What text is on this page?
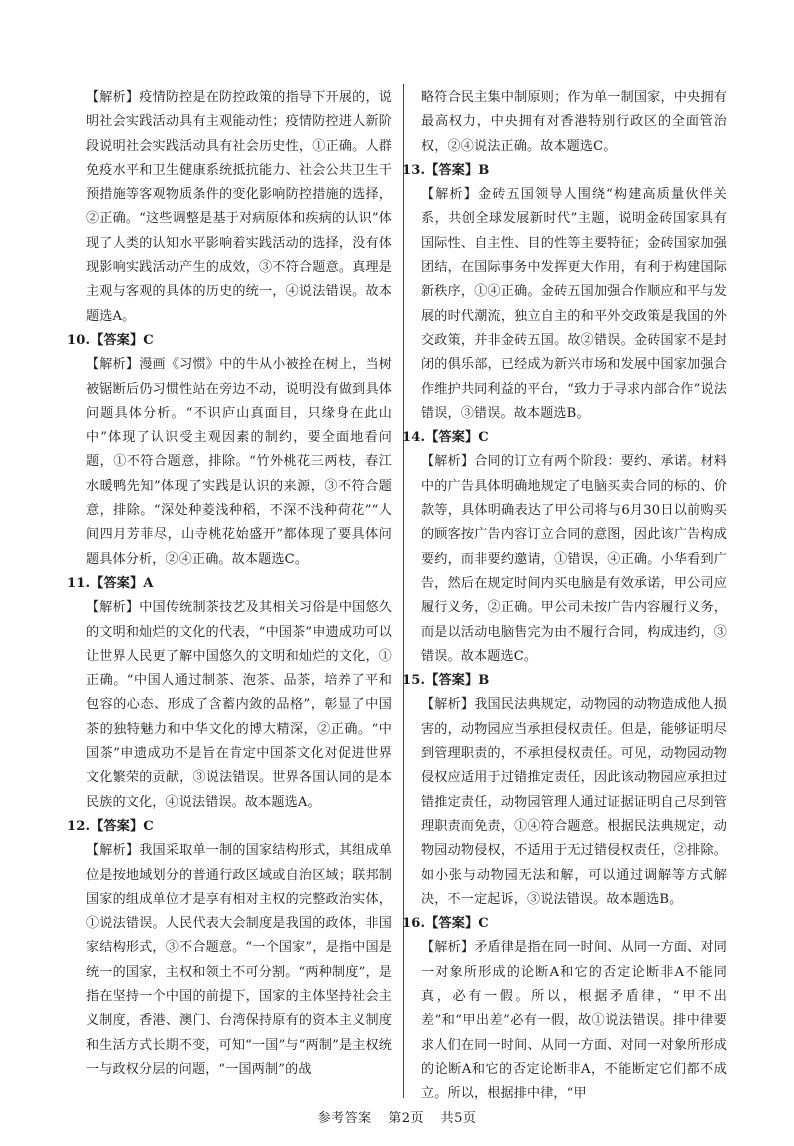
【解析】疫情防控是在防控政策的指导下开展的，说明社会实践活动具有主观能动性；疫情防控进人新阶段说明社会实践活动具有社会历史性，①正确。人群免疫水平和卫生健康系统抵抗能力、社会公共卫生干预措施等客观物质条件的变化影响防控措施的选择，②正确。“这些调整是基于对病原体和疾病的认识”体现了人类的认知水平影响着实践活动的选择，没有体现影响实践活动产生的成效，③不符合题意。真理是主观与客观的具体的历史的统一，④说法错误。故本题选A。
10.【答案】C
【解析】漫画《习惯》中的牛从小被拴在树上，当树被锯断后仍习惯性站在旁边不动，说明没有做到具体问题具体分析。“不识庐山真面目，只缘身在此山中”体现了认识受主观因素的制约，要全面地看问题，①不符合题意，排除。“竹外桃花三两枝，春江水暖鸭先知”体现了实践是认识的来源，③不符合题意，排除。“深处种菱浅种稻，不深不浅种荷花”“人间四月芳菲尽，山寺桃花始盛开”都体现了要具体问题具体分析，②④正确。故本题选C。
11.【答案】A
【解析】中国传统制茶技艺及其相关习俗是中国悠久的文明和灿烂的文化的代表，“中国茶”申遗成功可以让世界人民更了解中国悠久的文明和灿烂的文化，①正确。“中国人通过制茶、泡茶、品茶，培养了平和包容的心态、形成了含蓄内敛的品格”，彰显了中国茶的独特魅力和中华文化的博大精深，②正确。“中国茶”申遗成功不是旨在肯定中国茶文化对促进世界文化繁荣的贡献，③说法错误。世界各国认同的是本民族的文化，④说法错误。故本题选A。
12.【答案】C
【解析】我国采取单一制的国家结构形式，其组成单位是按地域划分的普通行政区域或自治区域；联邦制国家的组成单位才是享有相对主权的完整政治实体，①说法错误。人民代表大会制度是我国的政体，非国家结构形式，③不合题意。“一个国家”，是指中国是统一的国家，主权和领土不可分割。“两种制度”，是指在坚持一个中国的前提下，国家的主体坚持社会主义制度，香港、澳门、台湾保持原有的资本主义制度和生活方式长期不变，可知“一国”与“两制”是主权统一与政权分层的问题，“一国两制”的战
略符合民主集中制原则；作为单一制国家，中央拥有最高权力，中央拥有对香港特别行政区的全面管治权，②④说法正确。故本题选C。
13.【答案】B
【解析】金砖五国领导人围绕“构建高质量伙伴关系，共创全球发展新时代”主题，说明金砖国家具有国际性、自主性、目的性等主要特征；金砖国家加强团结，在国际事务中发挥更大作用，有利于构建国际新秩序，①④正确。金砖五国加强合作顺应和平与发展的时代潮流，独立自主的和平外交政策是我国的外交政策，并非金砖五国。故②错误。金砖国家不是封闭的俱乐部，已经成为新兴市场和发展中国家加强合作维护共同利益的平台，“致力于寻求内部合作”说法错误，③错误。故本题选B。
14.【答案】C
【解析】合同的订立有两个阶段：要约、承诺。材料中的广告具体明确地规定了电脑买卖合同的标的、价款等，具体明确表达了甲公司将与6月30日以前购买的顾客按广告内容订立合同的意图，因此该广告构成要约，而非要约邀请，①错误，④正确。小华看到广告，然后在规定时间内买电脑是有效承诺，甲公司应履行义务，②正确。甲公司未按广告内容履行义务，而是以活动电脑售完为由不履行合同，构成违约，③错误。故本题选C。
15.【答案】B
【解析】我国民法典规定，动物园的动物造成他人损害的，动物园应当承担侵权责任。但是，能够证明尽到管理职责的，不承担侵权责任。可见，动物园动物侵权应适用于过错推定责任，因此该动物园应承担过错推定责任，动物园管理人通过证据证明自己尽到管理职责而免责，①④符合题意。根据民法典规定，动物园动物侵权，不适用于无过错侵权责任，②排除。如小张与动物园无法和解，可以通过调解等方式解决，不一定起诉，③说法错误。故本题选B。
16.【答案】C
【解析】矛盾律是指在同一时间、从同一方面、对同一对象所形成的论断A和它的否定论断非A不能同真，必有一假。所以，根据矛盾律，“甲不出差”和“甲出差”必有一假，故①说法错误。排中律要求人们在同一时间、从同一方面、对同一对象所形成的论断A和它的否定论断非A，不能断定它们都不成立。所以，根据排中律，“甲
参考答案 第2页 共5页
